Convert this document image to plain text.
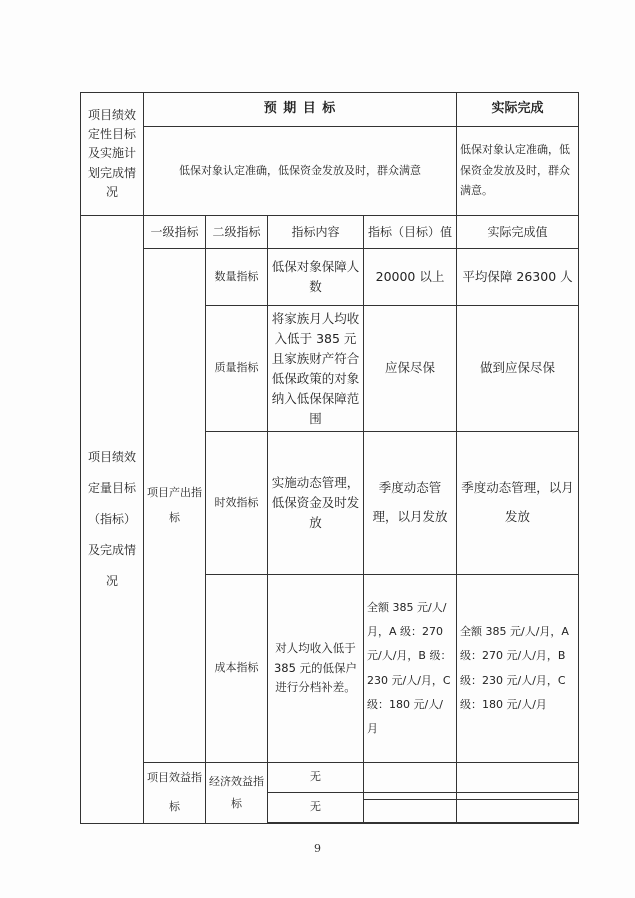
项目绩效定性目标及实施计划完成情况	预 期 目 标				实际完成
	低保对象认定准确，低保资金发放及时，群众满意				低保对象认定准确，低保资金发放及时，群众满意。
项目绩效定量目标（指标）及完成情况	一级指标	二级指标	指标内容	指标（目标）值	实际完成值
	项目产出指标	数量指标	低保对象保障人数	20000 以上	平均保障 26300 人
		质量指标	将家族月人均收入低于 385 元且家族财产符合低保政策的对象纳入低保保障范围	应保尽保	做到应保尽保
		时效指标	实施动态管理，低保资金及时发放	季度动态管理，以月发放	季度动态管理，以月发放
		成本指标	对人均收入低于 385 元的低保户进行分档补差。	全额 385 元/人/月，A 级：270 元/人/月，B 级：230 元/人/月，C 级：180 元/人/月	全额 385 元/人/月，A 级：270 元/人/月，B 级：230 元/人/月，C 级：180 元/人/月
	项目效益指标	经济效益指标	无		
			无		

9
